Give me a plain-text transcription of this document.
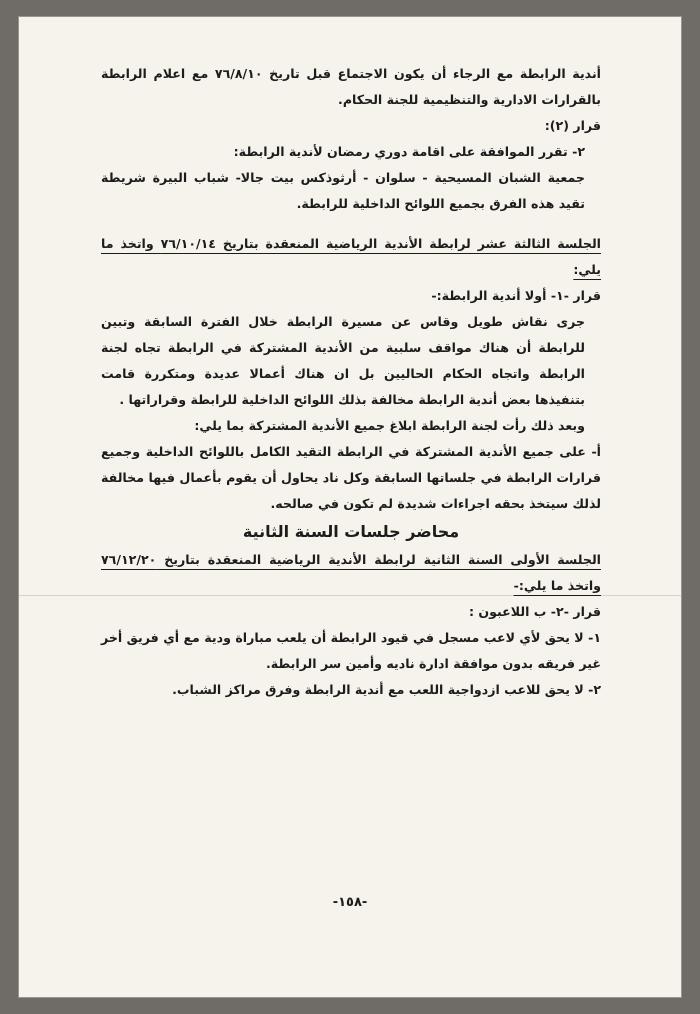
أندية الرابطة مع الرجاء أن يكون الاجتماع قبل تاريخ ٧٦/٨/١٠ مع اعلام الرابطة بالقرارات الادارية والتنظيمية للجنة الحكام.

قرار (٢):

٢- تقرر الموافقة على اقامة دوري رمضان لأندية الرابطة:

جمعية الشبان المسيحية - سلوان - أرثوذكس بيت جالا- شباب البيرة شريطة تقيد هذه الفرق بجميع اللوائح الداخلية للرابطة.

الجلسة الثالثة عشر لرابطة الأندية الرياضية المنعقدة بتاريخ ٧٦/١٠/١٤ واتخذ ما يلي:

قرار -١- أولا أندية الرابطة:-

جرى نقاش طويل وقاس عن مسيرة الرابطة خلال الفترة السابقة وتبين للرابطة أن هناك مواقف سلبية من الأندية المشتركة في الرابطة تجاه لجنة الرابطة واتجاه الحكام الحاليين بل ان هناك أعمالا عديدة ومتكررة قامت بتنفيذها بعض أندية الرابطة مخالفة بذلك اللوائح الداخلية للرابطة وقراراتها .

وبعد ذلك رأت لجنة الرابطة ابلاغ جميع الأندية المشتركة بما يلي:

أ- على جميع الأندية المشتركة في الرابطة التقيد الكامل باللوائح الداخلية وجميع قرارات الرابطة في جلساتها السابقة وكل ناد يحاول أن يقوم بأعمال فيها مخالفة لذلك سيتخذ بحقه اجراءات شديدة لم تكون في صالحه.

محاضر جلسات السنة الثانية

الجلسة الأولى السنة الثانية لرابطة الأندية الرياضية المنعقدة بتاريخ ٧٦/١٢/٢٠ واتخذ ما يلي:-

قرار -٢- ب اللاعبون :

١- لا يحق لأي لاعب مسجل في قيود الرابطة أن يلعب مباراة ودية مع أي فريق أخر غير فريقه بدون موافقة ادارة ناديه وأمين سر الرابطة.

٢- لا يحق للاعب ازدواجية اللعب مع أندية الرابطة وفرق مراكز الشباب.

-١٥٨-
